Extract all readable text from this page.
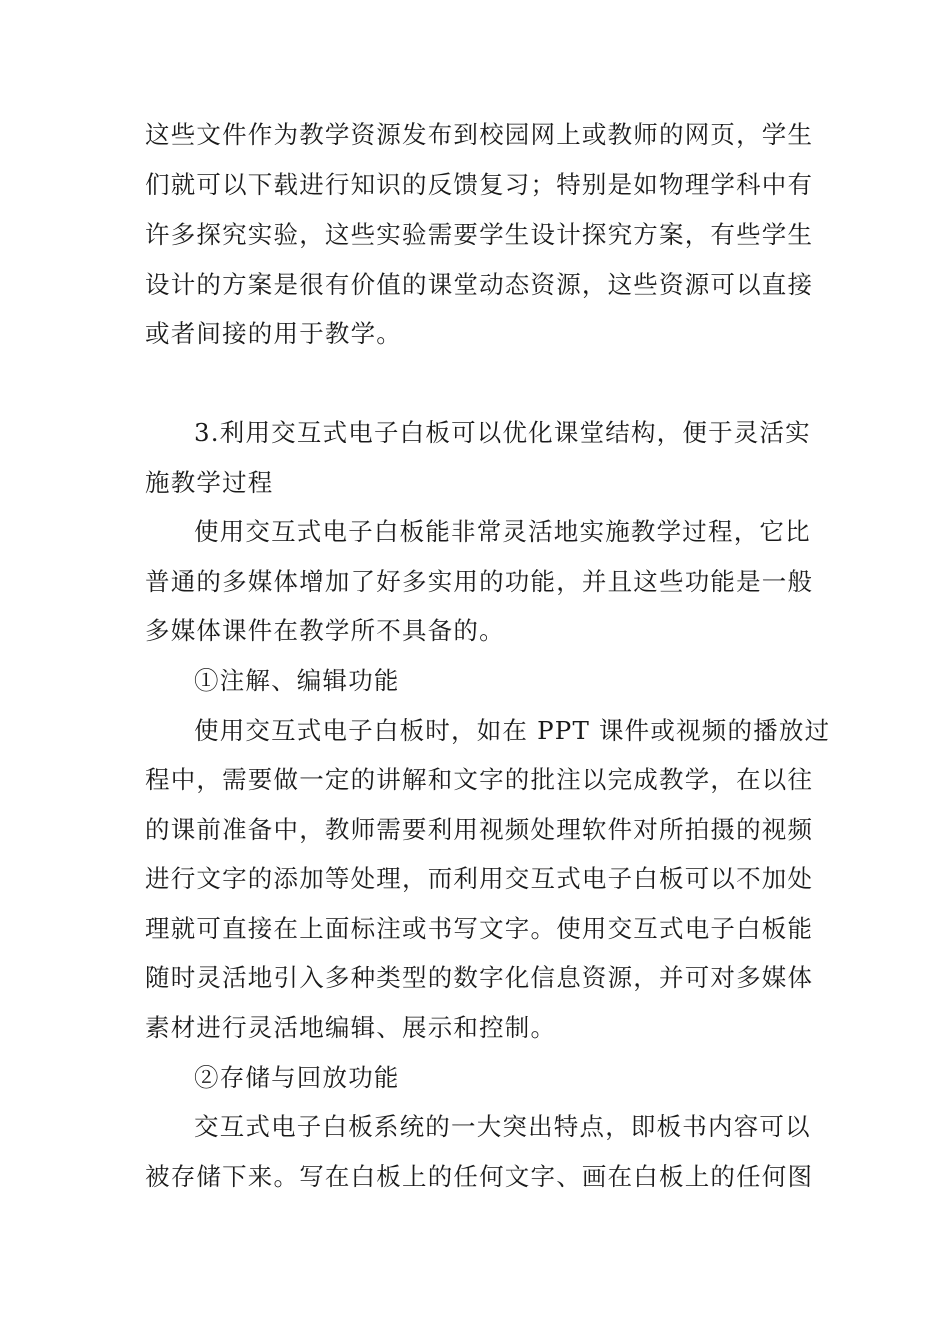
这些文件作为教学资源发布到校园网上或教师的网页，学生
们就可以下载进行知识的反馈复习；特别是如物理学科中有
许多探究实验，这些实验需要学生设计探究方案，有些学生
设计的方案是很有价值的课堂动态资源，这些资源可以直接
或者间接的用于教学。
3.利用交互式电子白板可以优化课堂结构，便于灵活实
施教学过程
使用交互式电子白板能非常灵活地实施教学过程，它比
普通的多媒体增加了好多实用的功能，并且这些功能是一般
多媒体课件在教学所不具备的。
①注解、编辑功能
使用交互式电子白板时，如在 PPT 课件或视频的播放过
程中，需要做一定的讲解和文字的批注以完成教学，在以往
的课前准备中，教师需要利用视频处理软件对所拍摄的视频
进行文字的添加等处理，而利用交互式电子白板可以不加处
理就可直接在上面标注或书写文字。使用交互式电子白板能
随时灵活地引入多种类型的数字化信息资源，并可对多媒体
素材进行灵活地编辑、展示和控制。
②存储与回放功能
交互式电子白板系统的一大突出特点，即板书内容可以
被存储下来。写在白板上的任何文字、画在白板上的任何图
